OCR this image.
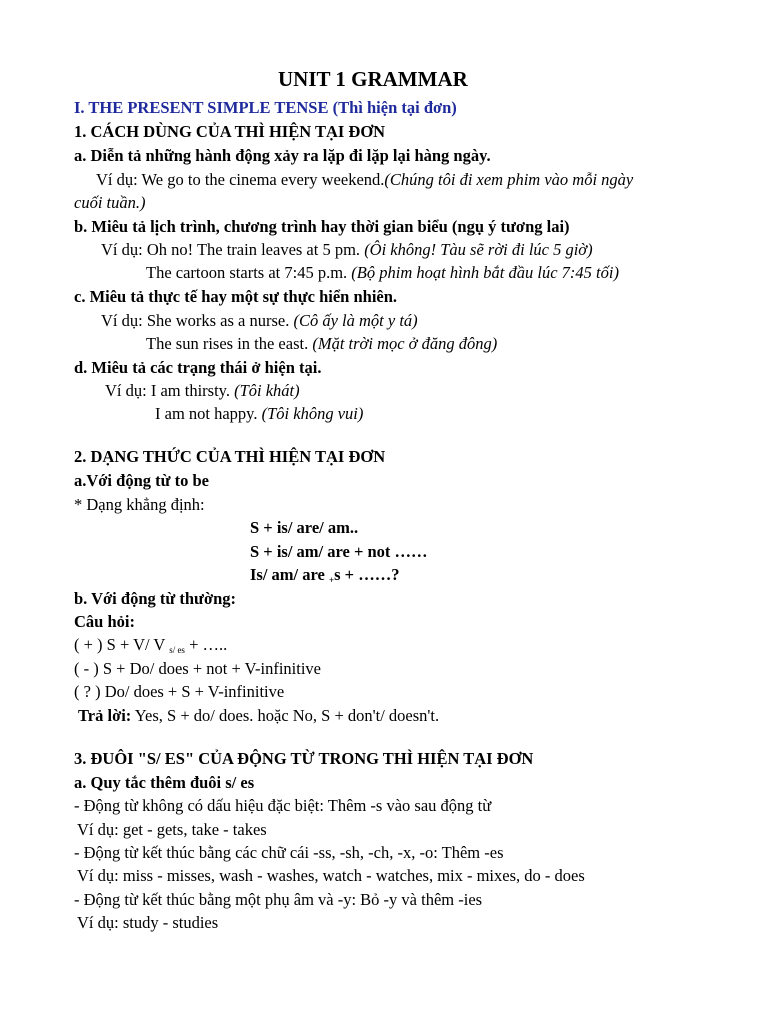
UNIT 1 GRAMMAR
I. THE PRESENT SIMPLE TENSE (Thì hiện tại đơn)
1. CÁCH DÙNG CỦA THÌ HIỆN TẠI ĐƠN
a. Diễn tả những hành động xảy ra lặp đi lặp lại hàng ngày.
Ví dụ: We go to the cinema every weekend.(Chúng tôi đi xem phim vào mỗi ngày
cuối tuần.)
b. Miêu tả lịch trình, chương trình hay thời gian biểu (ngụ ý tương lai)
Ví dụ: Oh no! The train leaves at 5 pm. (Ôi không! Tàu sẽ rời đi lúc 5 giờ)
The cartoon starts at 7:45 p.m. (Bộ phim hoạt hình bắt đầu lúc 7:45 tối)
c. Miêu tả thực tế hay một sự thực hiển nhiên.
Ví dụ: She works as a nurse. (Cô ấy là một y tá)
The sun rises in the east. (Mặt trời mọc ở đăng đông)
d. Miêu tả các trạng thái ở hiện tại.
Ví dụ: I am thirsty. (Tôi khát)
I am not happy. (Tôi không vui)
2. DẠNG THỨC CỦA THÌ HIỆN TẠI ĐƠN
a.Với động từ to be
* Dạng khẳng định:
S + is/ are/ am..
S + is/ am/ are + not ……
Is/ am/ are +s + ……?
b. Với động từ thường:
Câu hỏi:
( + ) S + V/ V s/ es + …..
( - ) S + Do/ does + not + V-infinitive
( ? ) Do/ does + S + V-infinitive
Trả lời: Yes, S + do/ does. hoặc No, S + don't/ doesn't.
3. ĐUÔI "S/ ES" CỦA ĐỘNG TỪ TRONG THÌ HIỆN TẠI ĐƠN
a. Quy tắc thêm đuôi s/ es
- Động từ không có dấu hiệu đặc biệt: Thêm -s vào sau động từ
Ví dụ: get - gets, take - takes
- Động từ kết thúc bằng các chữ cái -ss, -sh, -ch, -x, -o: Thêm -es
Ví dụ: miss - misses, wash - washes, watch - watches, mix - mixes, do - does
- Động từ kết thúc bằng một phụ âm và -y: Bỏ -y và thêm -ies
Ví dụ: study - studies
